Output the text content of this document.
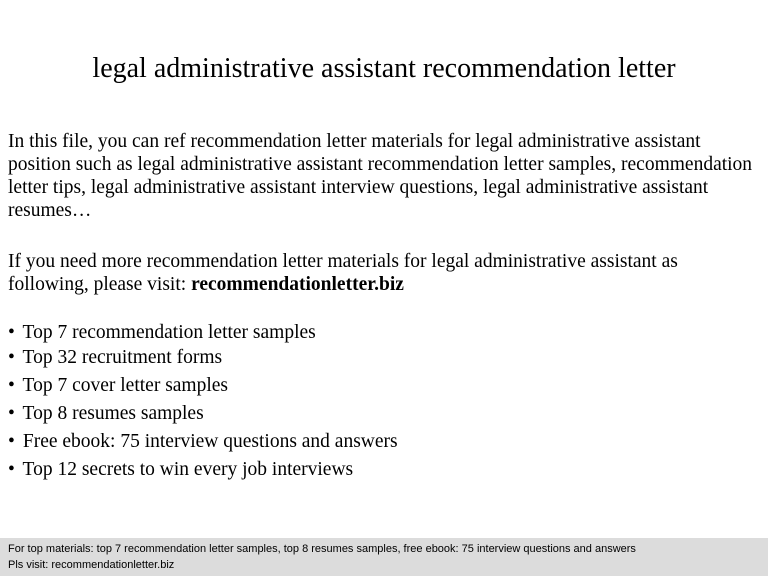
legal administrative assistant recommendation letter

In this file, you can ref recommendation letter materials for legal administrative assistant position such as legal administrative assistant recommendation letter samples, recommendation letter tips, legal administrative assistant interview questions, legal administrative assistant resumes…

If you need more recommendation letter materials for legal administrative assistant as following, please visit: recommendationletter.biz

• Top 7 recommendation letter samples
• Top 32 recruitment forms
• Top 7 cover letter samples
• Top 8 resumes samples
• Free ebook: 75 interview questions and answers
• Top 12 secrets to win every job interviews
For top materials: top 7 recommendation letter samples, top 8 resumes samples, free ebook: 75 interview questions and answers
Pls visit: recommendationletter.biz
